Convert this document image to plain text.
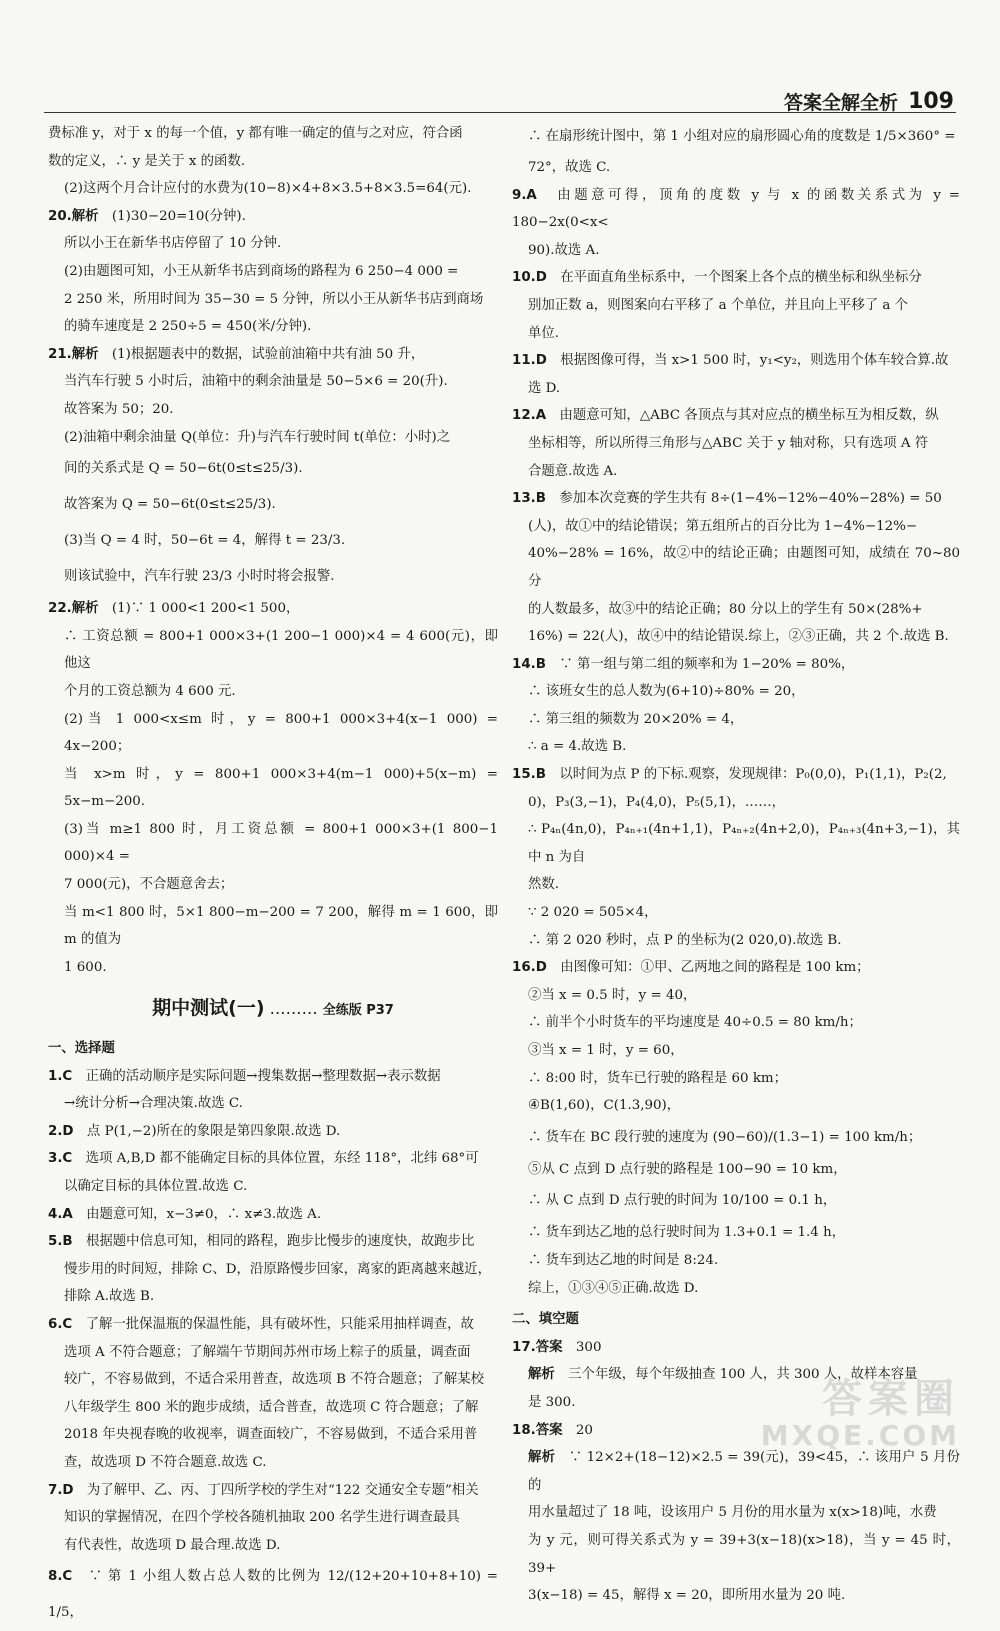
答案全解全析 109

费标准 y，对于 x 的每一个值，y 都有唯一确定的值与之对应，符合函

数的定义，∴ y 是关于 x 的函数.

(2)这两个月合计应付的水费为(10−8)×4+8×3.5+8×3.5=64(元).

20.解析　 (1)30−20=10(分钟).

所以小王在新华书店停留了 10 分钟.

(2)由题图可知，小王从新华书店到商场的路程为 6 250−4 000 =

2 250 米，所用时间为 35−30 = 5 分钟，所以小王从新华书店到商场

的骑车速度是 2 250÷5 = 450(米/分钟).

21.解析　 (1)根据题表中的数据，试验前油箱中共有油 50 升，

当汽车行驶 5 小时后，油箱中的剩余油量是 50−5×6 = 20(升).

故答案为 50；20.

(2)油箱中剩余油量 Q(单位：升)与汽车行驶时间 t(单位：小时)之

间的关系式是 Q = 50−6t(0≤t≤25/3).

故答案为 Q = 50−6t(0≤t≤25/3).

(3)当 Q = 4 时，50−6t = 4，解得 t = 23/3.

则该试验中，汽车行驶 23/3 小时时将会报警.

22.解析　 (1)∵ 1 000<1 200<1 500，

∴ 工资总额 = 800+1 000×3+(1 200−1 000)×4 = 4 600(元)，即他这

个月的工资总额为 4 600 元.

(2)当 1 000<x≤m 时，y = 800+1 000×3+4(x−1 000) = 4x−200；

当 x>m 时，y = 800+1 000×3+4(m−1 000)+5(x−m) = 5x−m−200.

(3)当 m≥1 800 时，月工资总额 = 800+1 000×3+(1 800−1 000)×4 =

7 000(元)，不合题意舍去；

当 m<1 800 时，5×1 800−m−200 = 7 200，解得 m = 1 600，即 m 的值为

1 600.

期中测试(一) ……… 全练版 P37

一、选择题

1.C　 正确的活动顺序是实际问题→搜集数据→整理数据→表示数据

→统计分析→合理决策.故选 C.

2.D　 点 P(1,−2)所在的象限是第四象限.故选 D.

3.C　 选项 A,B,D 都不能确定目标的具体位置，东经 118°，北纬 68°可

以确定目标的具体位置.故选 C.

4.A　 由题意可知，x−3≠0，∴ x≠3.故选 A.

5.B　 根据题中信息可知，相同的路程，跑步比慢步的速度快，故跑步比

慢步用的时间短，排除 C、D，沿原路慢步回家，离家的距离越来越近，

排除 A.故选 B.

6.C　 了解一批保温瓶的保温性能，具有破坏性，只能采用抽样调查，故

选项 A 不符合题意；了解端午节期间苏州市场上粽子的质量，调查面

较广，不容易做到，不适合采用普查，故选项 B 不符合题意；了解某校

八年级学生 800 米的跑步成绩，适合普查，故选项 C 符合题意；了解

2018 年央视春晚的收视率，调查面较广，不容易做到，不适合采用普

查，故选项 D 不符合题意.故选 C.

7.D　 为了解甲、乙、丙、丁四所学校的学生对“122 交通安全专题”相关

知识的掌握情况，在四个学校各随机抽取 200 名学生进行调查最具

有代表性，故选项 D 最合理.故选 D.

8.C　 ∵ 第 1 小组人数占总人数的比例为 12/(12+20+10+8+10) = 1/5，

∴ 在扇形统计图中，第 1 小组对应的扇形圆心角的度数是 1/5×360° =

72°，故选 C.

9.A　 由题意可得，顶角的度数 y 与 x 的函数关系式为 y = 180−2x(0<x<

90).故选 A.

10.D　 在平面直角坐标系中，一个图案上各个点的横坐标和纵坐标分

别加正数 a，则图案向右平移了 a 个单位，并且向上平移了 a 个

单位.

11.D　 根据图像可得，当 x>1 500 时，y₁<y₂，则选用个体车较合算.故

选 D.

12.A　 由题意可知，△ABC 各顶点与其对应点的横坐标互为相反数，纵

坐标相等，所以所得三角形与△ABC 关于 y 轴对称，只有选项 A 符

合题意.故选 A.

13.B　 参加本次竞赛的学生共有 8÷(1−4%−12%−40%−28%) = 50

(人)，故①中的结论错误；第五组所占的百分比为 1−4%−12%−

40%−28% = 16%，故②中的结论正确；由题图可知，成绩在 70~80 分

的人数最多，故③中的结论正确；80 分以上的学生有 50×(28%+

16%) = 22(人)，故④中的结论错误.综上，②③正确，共 2 个.故选 B.

14.B　 ∵ 第一组与第二组的频率和为 1−20% = 80%，

∴ 该班女生的总人数为(6+10)÷80% = 20，

∴ 第三组的频数为 20×20% = 4，

∴ a = 4.故选 B.

15.B　 以时间为点 P 的下标.观察，发现规律：P₀(0,0)，P₁(1,1)，P₂(2,

0)，P₃(3,−1)，P₄(4,0)，P₅(5,1)，……，

∴ P₄ₙ(4n,0)，P₄ₙ₊₁(4n+1,1)，P₄ₙ₊₂(4n+2,0)，P₄ₙ₊₃(4n+3,−1)，其中 n 为自

然数.

∵ 2 020 = 505×4，

∴ 第 2 020 秒时，点 P 的坐标为(2 020,0).故选 B.

16.D　 由图像可知：①甲、乙两地之间的路程是 100 km；

②当 x = 0.5 时，y = 40，

∴ 前半个小时货车的平均速度是 40÷0.5 = 80 km/h；

③当 x = 1 时，y = 60，

∴ 8:00 时，货车已行驶的路程是 60 km；

④B(1,60)，C(1.3,90)，

∴ 货车在 BC 段行驶的速度为 (90−60)/(1.3−1) = 100 km/h；

⑤从 C 点到 D 点行驶的路程是 100−90 = 10 km，

∴ 从 C 点到 D 点行驶的时间为 10/100 = 0.1 h，

∴ 货车到达乙地的总行驶时间为 1.3+0.1 = 1.4 h，

∴ 货车到达乙地的时间是 8:24.

综上，①③④⑤正确.故选 D.

二、填空题

17.答案　 300

解析　 三个年级，每个年级抽查 100 人，共 300 人，故样本容量

是 300.

18.答案　 20

解析　 ∵ 12×2+(18−12)×2.5 = 39(元)，39<45，∴ 该用户 5 月份的

用水量超过了 18 吨，设该用户 5 月份的用水量为 x(x>18)吨，水费

为 y 元，则可得关系式为 y = 39+3(x−18)(x>18)，当 y = 45 时，39+

3(x−18) = 45，解得 x = 20，即所用水量为 20 吨.

答案圈
MXQE.COM
